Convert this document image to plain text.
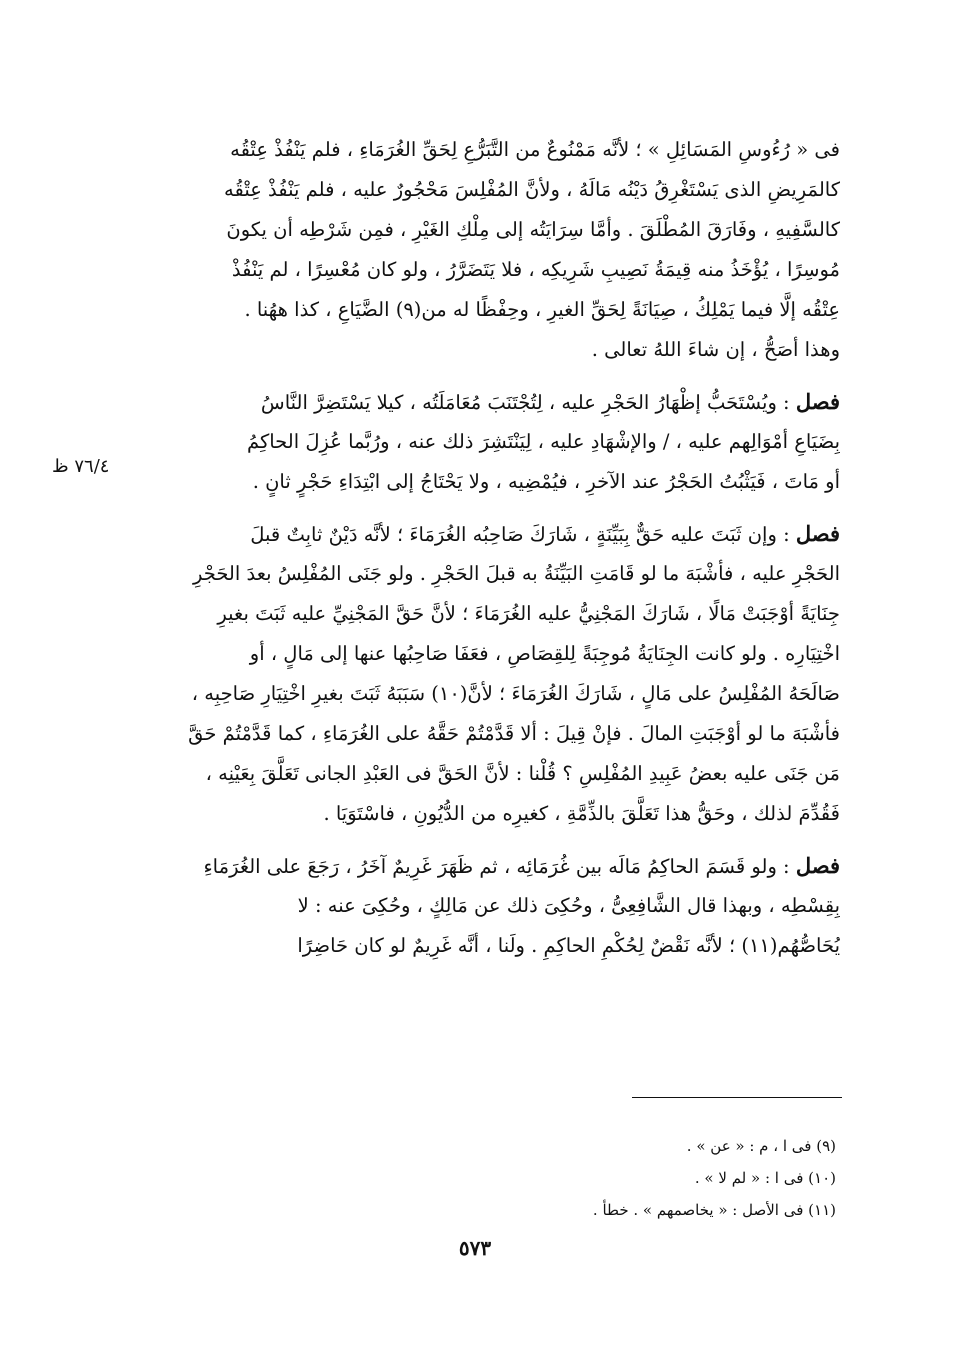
٧٦/٤ ظ
فى « رُءُوسِ المَسَائِلِ » ؛ لأنَّه مَمْنُوعٌ من التَّبَرُّعِ لِحَقِّ الغُرَمَاءِ ، فلم يَنْفُذْ عِتْقُه
كالمَرِيضِ الذى يَسْتَغْرِقُ دَيْنُه مَالَهُ ، ولأنَّ المُفْلِسَ مَحْجُورٌ عليه ، فلم يَنْفُذْ عِتْقُه
كالسَّفِيهِ ، وفَارَقَ المُطْلَقَ . وأمَّا سِرَايَتُه إلى مِلْكِ الغَيْرِ ، فمِن شَرْطِه أن يكونَ
مُوسِرًا ، يُؤْخَذُ منه قِيمَةُ نَصِيبِ شَرِيكِه ، فلا يَتَضَرَّرُ ، ولو كان مُعْسِرًا ، لم يَنْفُذْ
عِتْقُه إلَّا فيما يَمْلِكُ ، صِيَانَةً لِحَقِّ الغيرِ ، وحِفْظًا له من(٩) الضَّيَاعِ ، كذا ههُنا .
وهذا أصَحُّ ، إن شاءَ اللهُ تعالى .
فصل : ويُسْتَحَبُّ إظْهَارُ الحَجْرِ عليه ، لِتُجْتَنَبَ مُعَامَلَتُه ، كيلا يَسْتَضِرَّ النَّاسُ
بِضَيَاعِ أمْوَالِهم عليه ، / والإشْهَادِ عليه ، لِيَنْتَشِرَ ذلك عنه ، ورُبَّما عُزِلَ الحاكِمُ
أو مَاتَ ، فَيَثْبُتُ الحَجْرُ عند الآخرِ ، فيُمْضِيه ، ولا يَحْتَاجُ إلى ابْتِدَاءِ حَجْرٍ ثانٍ .
فصل : وإن ثَبَتَ عليه حَقٌّ بِبَيِّنَةٍ ، شَارَكَ صَاحِبُه الغُرَمَاءَ ؛ لأنَّه دَيْنٌ ثابِتٌ قبلَ
الحَجْرِ عليه ، فأشْبَهَ ما لو قَامَتِ البَيِّنَةُ به قبلَ الحَجْرِ . ولو جَنَى المُفْلِسُ بعدَ الحَجْرِ
جِنَايَةً أوْجَبَتْ مَالًا ، شَارَكَ المَجْنِيُّ عليه الغُرَمَاءَ ؛ لأنَّ حَقَّ المَجْنِيِّ عليه ثَبَتَ بغيرِ
اخْتِيَارِه . ولو كانت الجِنَايَةُ مُوجِبَةً لِلقِصَاصِ ، فعَفَا صَاحِبُها عنها إلى مَالٍ ، أو
صَالَحَهُ المُفْلِسُ على مَالٍ ، شَارَكَ الغُرَمَاءَ ؛ لأنَّ(١٠) سَبَبَهُ ثَبَتَ بغيرِ اخْتِيَارِ صَاحِبِه ،
فأشْبَهَ ما لو أوْجَبَتِ المالَ . فإنْ قِيلَ : ألا قَدَّمْتُمْ حَقَّهُ على الغُرَمَاءِ ، كما قَدَّمْتُمْ حَقَّ
مَن جَنَى عليه بعضُ عَبِيدِ المُفْلِسِ ؟ قُلْنا : لأنَّ الحَقَّ فى العَبْدِ الجانى تَعَلَّقَ بِعَيْنِه ،
فَقُدِّمَ لذلك ، وحَقُّ هذا تَعَلَّقَ بالذِّمَّةِ ، كغيرِه من الدُّيُونِ ، فاسْتَوَيَا .
فصل : ولو قَسَمَ الحاكِمُ مَالَه بين غُرَمَائِه ، ثم ظَهَرَ غَرِيمٌ آخَرُ ، رَجَعَ على الغُرَمَاءِ
بِقِسْطِه ، وبهذا قال الشَّافِعِىُّ ، وحُكِىَ ذلك عن مَالِكٍ ، وحُكِىَ عنه : لا
يُحَاصُّهُم(١١) ؛ لأنَّه نَقْضٌ لِحُكْمِ الحاكِمِ . ولَنا ، أنَّه غَرِيمٌ لو كان حَاضِرًا
(٩) فى ا ، م : « عن » .
(١٠) فى ا : « لم لا » .
(١١) فى الأصل : « يخاصمهم » . خطأ .
٥٧٣
